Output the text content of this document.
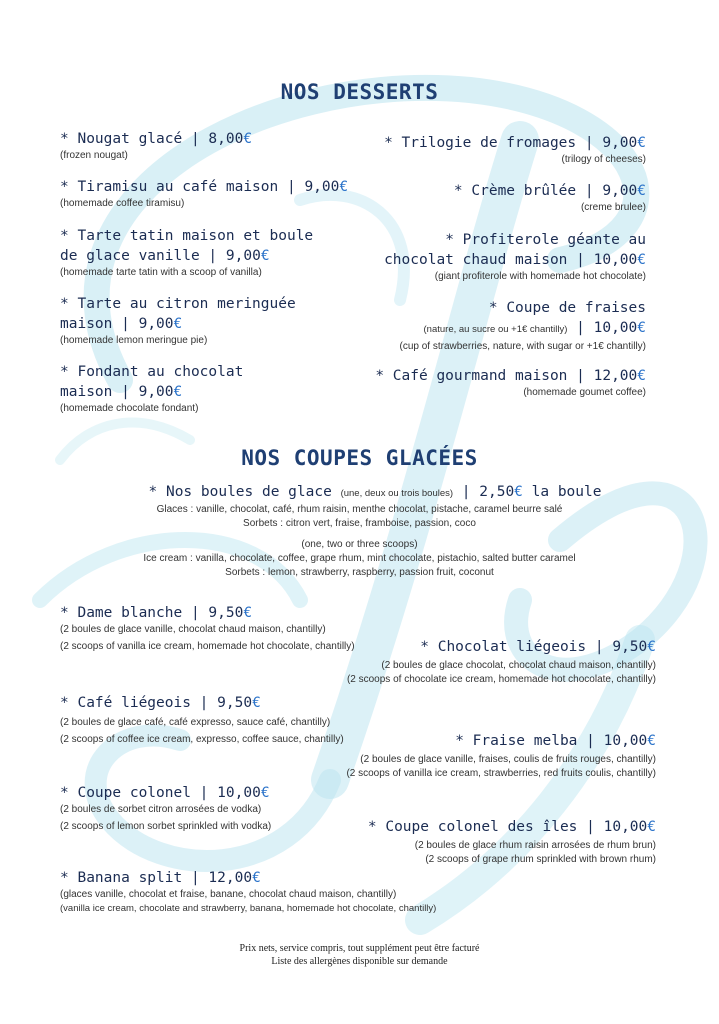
NOS DESSERTS
* Nougat glacé | 8,00€
(frozen nougat)
* Tiramisu au café maison | 9,00€
(homemade coffee tiramisu)
* Tarte tatin maison et boule
de glace vanille | 9,00€
(homemade tarte tatin with a scoop of vanilla)
* Tarte au citron meringuée
maison | 9,00€
(homemade lemon meringue pie)
* Fondant au chocolat
maison | 9,00€
(homemade chocolate fondant)
* Trilogie de fromages | 9,00€
(trilogy of cheeses)
* Crème brûlée | 9,00€
(creme brulee)
* Profiterole géante au
chocolat chaud maison | 10,00€
(giant profiterole with homemade hot chocolate)
* Coupe de fraises
(nature, au sucre ou +1€ chantilly) | 10,00€
(cup of strawberries, nature, with sugar or +1€ chantilly)
* Café gourmand maison | 12,00€
(homemade goumet coffee)
NOS COUPES GLACÉES
* Nos boules de glace (une, deux ou trois boules) | 2,50€ la boule
Glaces : vanille, chocolat, café, rhum raisin, menthe chocolat, pistache, caramel beurre salé
Sorbets : citron vert, fraise, framboise, passion, coco
(one, two or three scoops)
Ice cream : vanilla, chocolate, coffee, grape rhum, mint chocolate, pistachio, salted butter caramel
Sorbets : lemon, strawberry, raspberry, passion fruit, coconut
* Dame blanche | 9,50€
(2 boules de glace vanille, chocolat chaud maison, chantilly)
(2 scoops of vanilla ice cream, homemade hot chocolate, chantilly)
* Café liégeois | 9,50€
(2 boules de glace café, café expresso, sauce café, chantilly)
(2 scoops of coffee ice cream, expresso, coffee sauce, chantilly)
* Coupe colonel | 10,00€
(2 boules de sorbet citron arrosées de vodka)
(2 scoops of lemon sorbet sprinkled with vodka)
* Banana split | 12,00€
(glaces vanille, chocolat et fraise, banane, chocolat chaud maison, chantilly)
(vanilla ice cream, chocolate and strawberry, banana, homemade hot chocolate, chantilly)
* Chocolat liégeois | 9,50€
(2 boules de glace chocolat, chocolat chaud maison, chantilly)
(2 scoops of chocolate ice cream, homemade hot chocolate, chantilly)
* Fraise melba | 10,00€
(2 boules de glace vanille, fraises, coulis de fruits rouges, chantilly)
(2 scoops of vanilla ice cream, strawberries, red fruits coulis, chantilly)
* Coupe colonel des îles | 10,00€
(2 boules de glace rhum raisin arrosées de rhum brun)
(2 scoops of grape rhum sprinkled with brown rhum)
Prix nets, service compris, tout supplément peut être facturé
Liste des allergènes disponible sur demande
